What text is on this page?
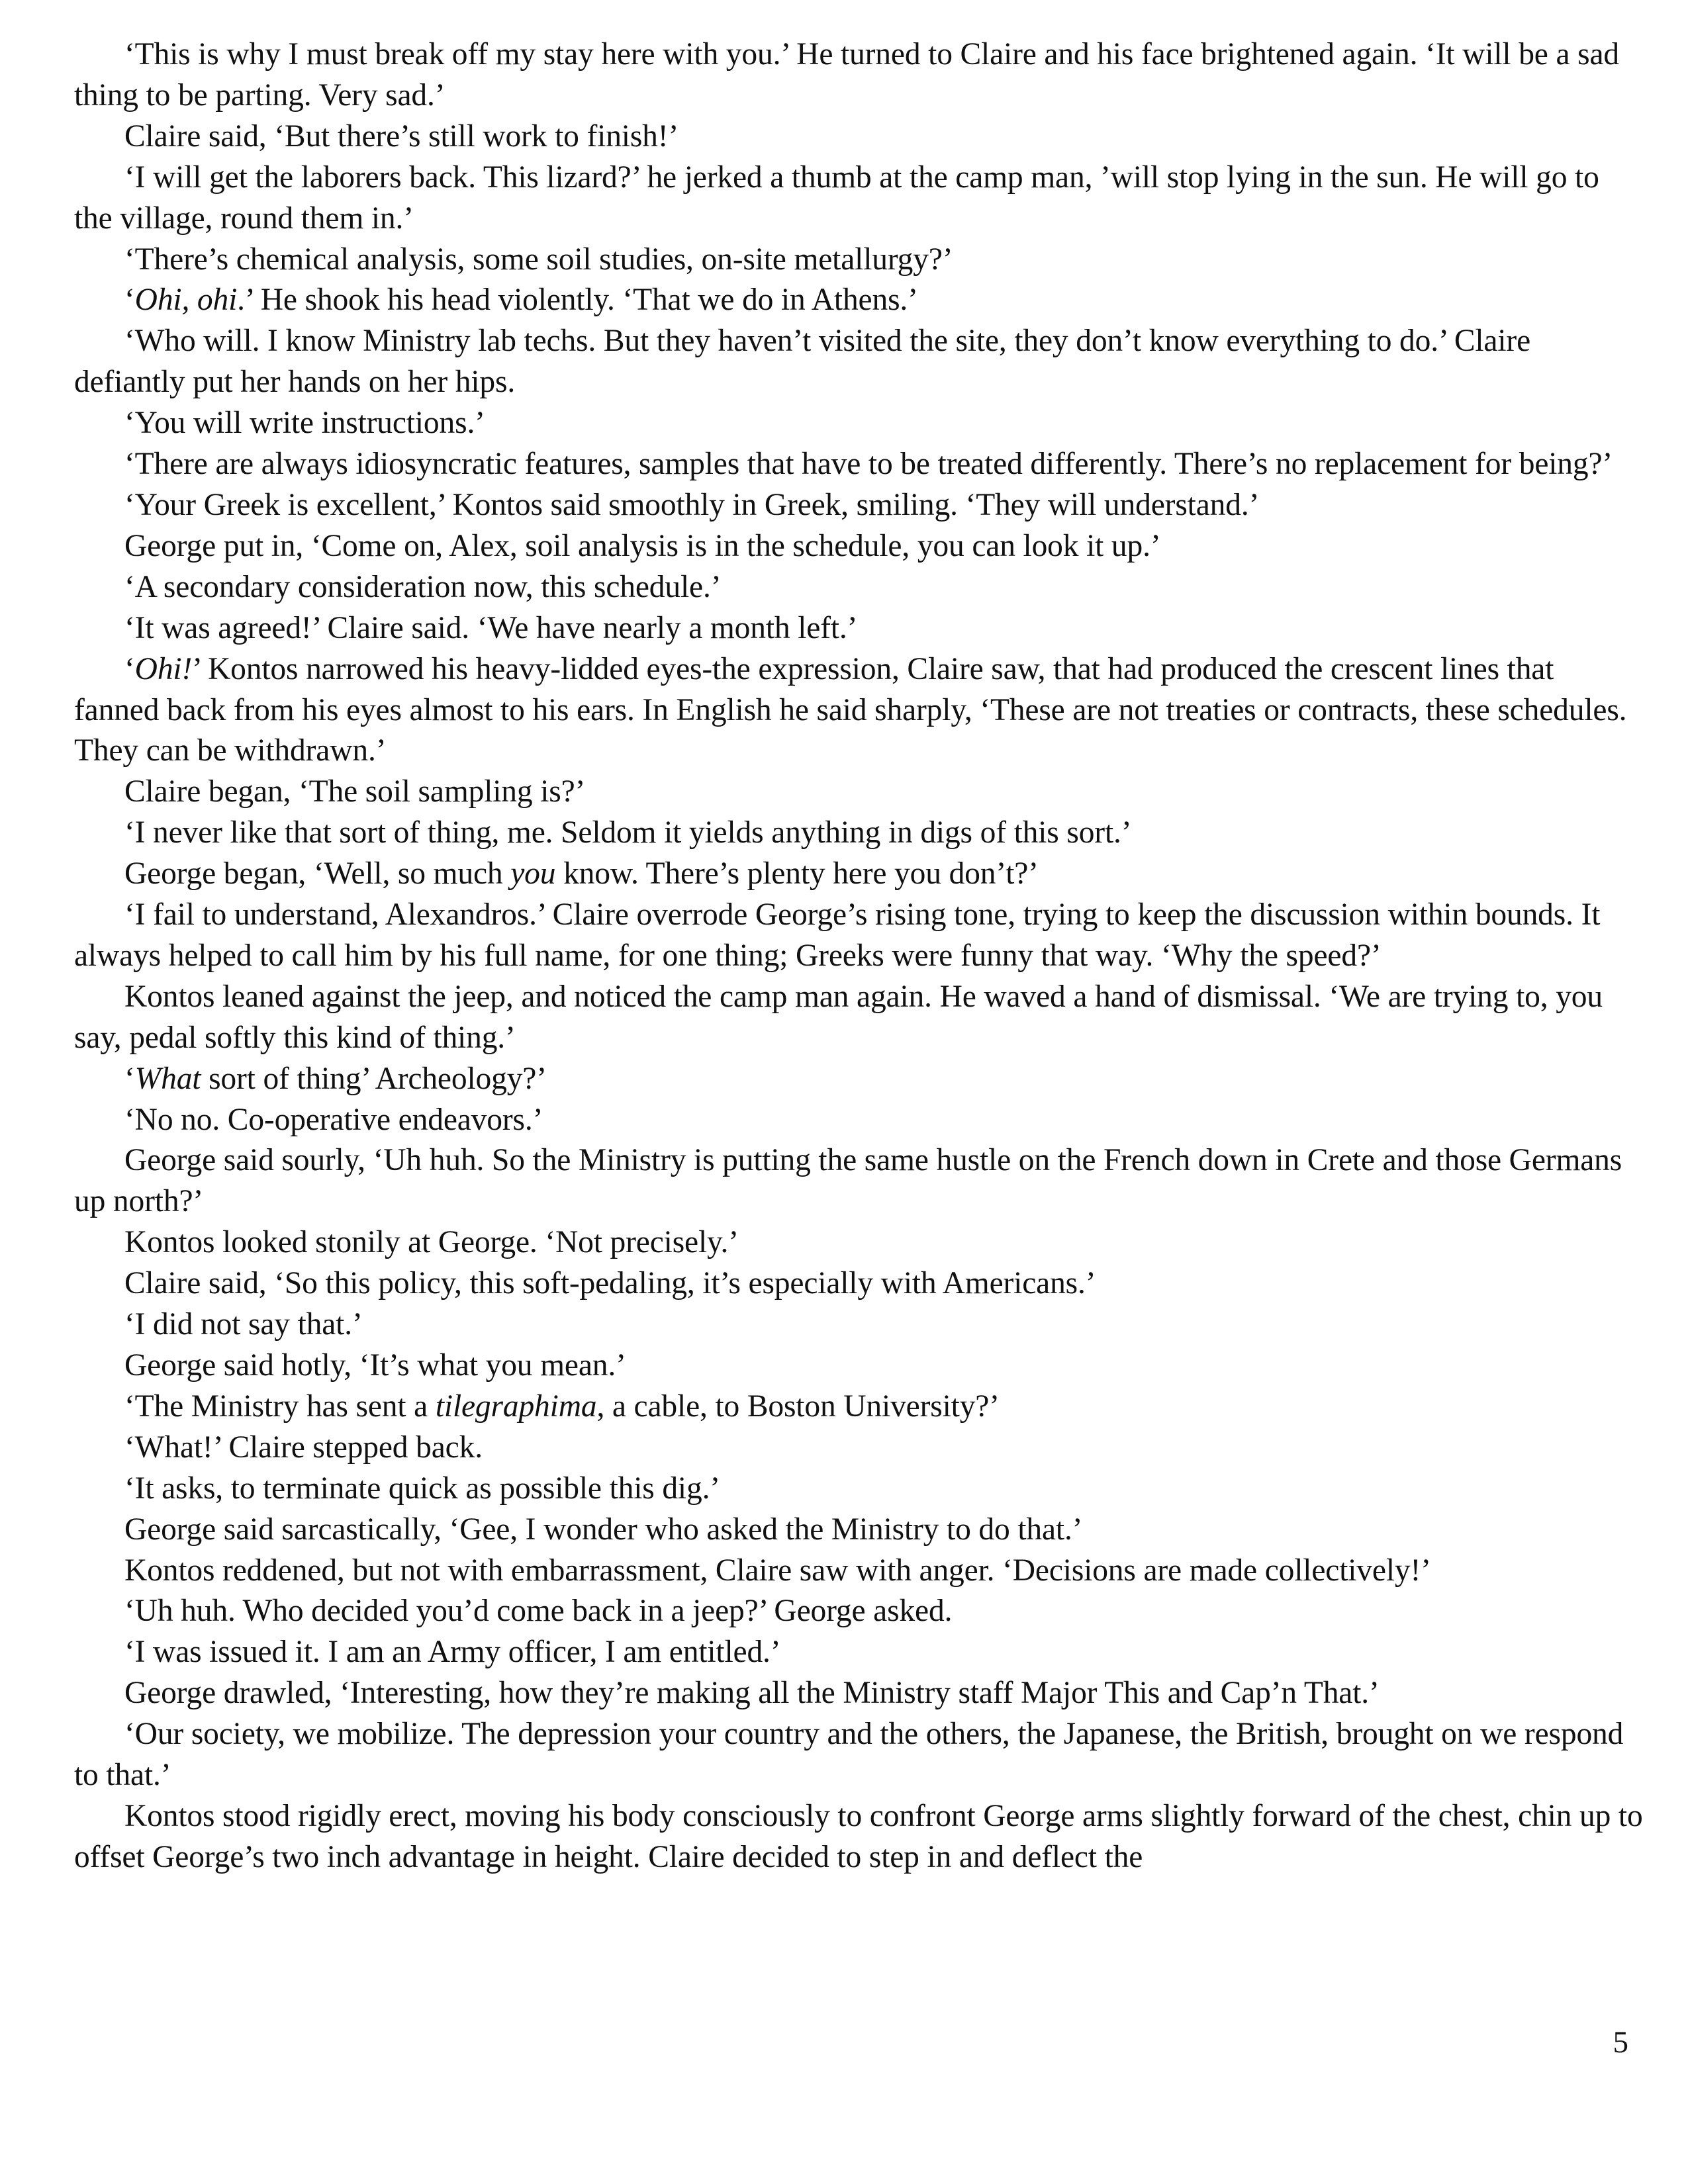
‘This is why I must break off my stay here with you.’ He turned to Claire and his face brightened again. ‘It will be a sad thing to be parting. Very sad.’

Claire said, ‘But there’s still work to finish!’

‘I will get the laborers back. This lizard?’ he jerked a thumb at the camp man, ’will stop lying in the sun. He will go to the village, round them in.’

‘There’s chemical analysis, some soil studies, on-site metallurgy?’

‘Ohi, ohi.’ He shook his head violently. ‘That we do in Athens.’

‘Who will. I know Ministry lab techs. But they haven’t visited the site, they don’t know everything to do.’ Claire defiantly put her hands on her hips.

‘You will write instructions.’

‘There are always idiosyncratic features, samples that have to be treated differently. There’s no replacement for being?’

‘Your Greek is excellent,’ Kontos said smoothly in Greek, smiling. ‘They will understand.’

George put in, ‘Come on, Alex, soil analysis is in the schedule, you can look it up.’

‘A secondary consideration now, this schedule.’

‘It was agreed!’ Claire said. ‘We have nearly a month left.’

‘Ohi!’ Kontos narrowed his heavy-lidded eyes-the expression, Claire saw, that had produced the crescent lines that fanned back from his eyes almost to his ears. In English he said sharply, ‘These are not treaties or contracts, these schedules. They can be withdrawn.’

Claire began, ‘The soil sampling is?’

‘I never like that sort of thing, me. Seldom it yields anything in digs of this sort.’

George began, ‘Well, so much you know. There’s plenty here you don’t?’

‘I fail to understand, Alexandros.’ Claire overrode George’s rising tone, trying to keep the discussion within bounds. It always helped to call him by his full name, for one thing; Greeks were funny that way. ‘Why the speed?’

Kontos leaned against the jeep, and noticed the camp man again. He waved a hand of dismissal. ‘We are trying to, you say, pedal softly this kind of thing.’

‘What sort of thing’ Archeology?’

‘No no. Co-operative endeavors.’

George said sourly, ‘Uh huh. So the Ministry is putting the same hustle on the French down in Crete and those Germans up north?’

Kontos looked stonily at George. ‘Not precisely.’

Claire said, ‘So this policy, this soft-pedaling, it’s especially with Americans.’

‘I did not say that.’

George said hotly, ‘It’s what you mean.’

‘The Ministry has sent a tilegraphima, a cable, to Boston University?’

‘What!’ Claire stepped back.

‘It asks, to terminate quick as possible this dig.’

George said sarcastically, ‘Gee, I wonder who asked the Ministry to do that.’

Kontos reddened, but not with embarrassment, Claire saw with anger. ‘Decisions are made collectively!’

‘Uh huh. Who decided you’d come back in a jeep?’ George asked.

‘I was issued it. I am an Army officer, I am entitled.’

George drawled, ‘Interesting, how they’re making all the Ministry staff Major This and Cap’n That.’

‘Our society, we mobilize. The depression your country and the others, the Japanese, the British, brought on we respond to that.’

Kontos stood rigidly erect, moving his body consciously to confront George arms slightly forward of the chest, chin up to offset George’s two inch advantage in height. Claire decided to step in and deflect the

5
